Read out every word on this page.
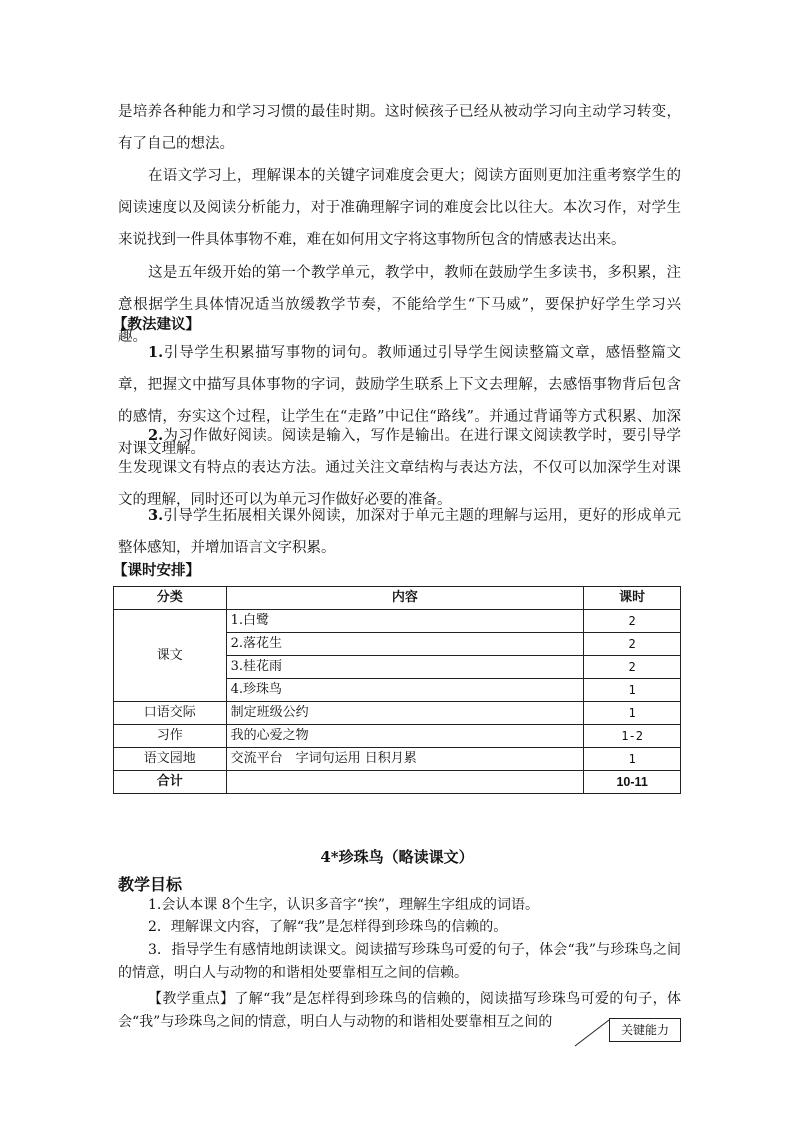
是培养各种能力和学习习惯的最佳时期。这时候孩子已经从被动学习向主动学习转变，有了自己的想法。

在语文学习上，理解课本的关键字词难度会更大；阅读方面则更加注重考察学生的阅读速度以及阅读分析能力，对于准确理解字词的难度会比以往大。本次习作，对学生来说找到一件具体事物不难，难在如何用文字将这事物所包含的情感表达出来。

这是五年级开始的第一个教学单元，教学中，教师在鼓励学生多读书，多积累，注意根据学生具体情况适当放缓教学节奏，不能给学生“下马威”，要保护好学生学习兴趣。

【教法建议】

1.引导学生积累描写事物的词句。教师通过引导学生阅读整篇文章，感悟整篇文章，把握文中描写具体事物的字词，鼓励学生联系上下文去理解，去感悟事物背后包含的感情，夯实这个过程，让学生在“走路”中记住“路线”。并通过背诵等方式积累、加深对课文理解。

2.为习作做好阅读。阅读是输入，写作是输出。在进行课文阅读教学时，要引导学生发现课文有特点的表达方法。通过关注文章结构与表达方法，不仅可以加深学生对课文的理解，同时还可以为单元习作做好必要的准备。

3.引导学生拓展相关课外阅读，加深对于单元主题的理解与运用，更好的形成单元整体感知，并增加语言文字积累。

【课时安排】

分类	内容	课时
课文	1.白鹭	2
	2.落花生	2
	3.桂花雨	2
	4.珍珠鸟	1
口语交际	制定班级公约	1
习作	我的心爱之物	1-2
语文园地	交流平台　字词句运用 日积月累	1
合计		10-11

4*珍珠鸟（略读课文）

教学目标

1.会认本课 8个生字，认识多音字“挨”，理解生字组成的词语。

2．理解课文内容，了解“我”是怎样得到珍珠鸟的信赖的。

3．指导学生有感情地朗读课文。阅读描写珍珠鸟可爱的句子，体会“我”与珍珠鸟之间的情意，明白人与动物的和谐相处要靠相互之间的信赖。

【教学重点】了解“我”是怎样得到珍珠鸟的信赖的，阅读描写珍珠鸟可爱的句子，体会“我”与珍珠鸟之间的情意，明白人与动物的和谐相处要靠相互之间的

关键能力
